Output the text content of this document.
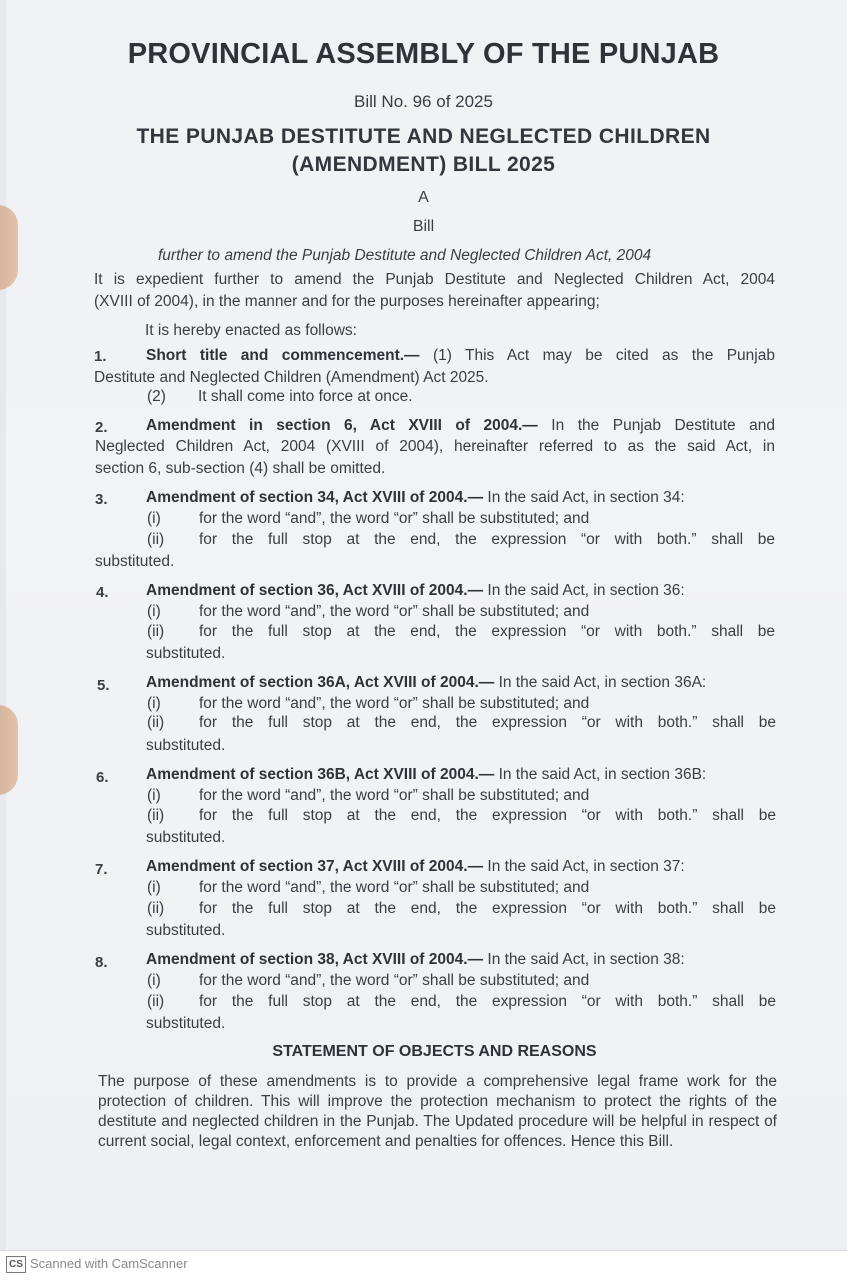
PROVINCIAL ASSEMBLY OF THE PUNJAB
Bill No. 96 of 2025
THE PUNJAB DESTITUTE AND NEGLECTED CHILDREN
(AMENDMENT) BILL 2025
A
Bill
further to amend the Punjab Destitute and Neglected Children Act, 2004
It is expedient further to amend the Punjab Destitute and Neglected Children Act, 2004
(XVIII of 2004), in the manner and for the purposes hereinafter appearing;
It is hereby enacted as follows:
1.	Short title and commencement.— (1) This Act may be cited as the Punjab
Destitute and Neglected Children (Amendment) Act 2025.
(2) It shall come into force at once.
2. Amendment in section 6, Act XVIII of 2004.— In the Punjab Destitute and
Neglected Children Act, 2004 (XVIII of 2004), hereinafter referred to as the said Act, in
section 6, sub-section (4) shall be omitted.
3. Amendment of section 34, Act XVIII of 2004.— In the said Act, in section 34:
(i) for the word “and”, the word “or” shall be substituted; and
(ii) for the full stop at the end, the expression “or with both.” shall be
substituted.
4. Amendment of section 36, Act XVIII of 2004.— In the said Act, in section 36:
(i) for the word “and”, the word “or” shall be substituted; and
(ii) for the full stop at the end, the expression “or with both.” shall be
substituted.
5. Amendment of section 36A, Act XVIII of 2004.— In the said Act, in section 36A:
(i) for the word “and”, the word “or” shall be substituted; and
(ii) for the full stop at the end, the expression “or with both.” shall be
substituted.
6. Amendment of section 36B, Act XVIII of 2004.— In the said Act, in section 36B:
(i) for the word “and”, the word “or” shall be substituted; and
(ii) for the full stop at the end, the expression “or with both.” shall be
substituted.
7. Amendment of section 37, Act XVIII of 2004.— In the said Act, in section 37:
(i) for the word “and”, the word “or” shall be substituted; and
(ii) for the full stop at the end, the expression “or with both.” shall be
substituted.
8. Amendment of section 38, Act XVIII of 2004.— In the said Act, in section 38:
(i) for the word “and”, the word “or” shall be substituted; and
(ii) for the full stop at the end, the expression “or with both.” shall be
substituted.
STATEMENT OF OBJECTS AND REASONS
The purpose of these amendments is to provide a comprehensive legal frame work for the protection of children. This will improve the protection mechanism to protect the rights of the destitute and neglected children in the Punjab. The Updated procedure will be helpful in respect of current social, legal context, enforcement and penalties for offences. Hence this Bill.
CS Scanned with CamScanner
